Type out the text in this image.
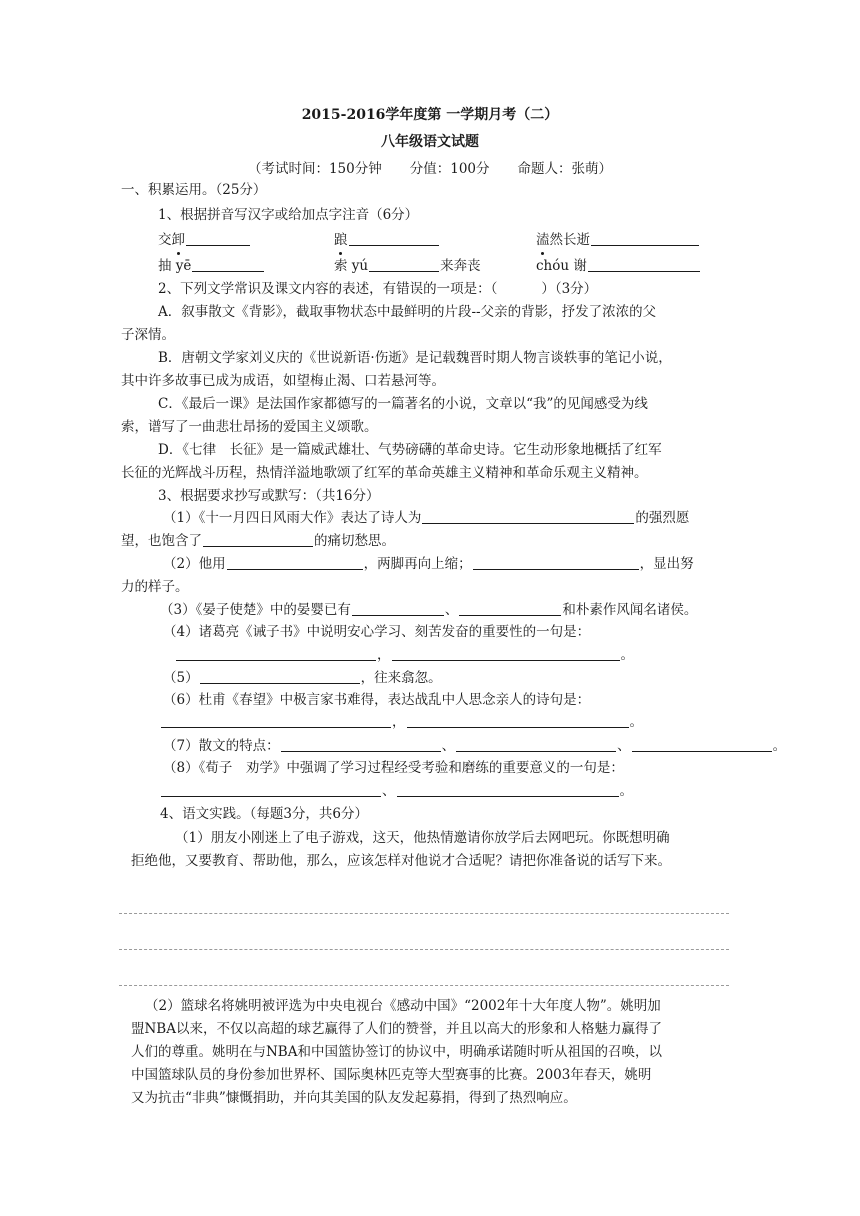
2015-2016学年度第 一学期月考（二）
八年级语文试题
（考试时间：150分钟 分值：100分 命题人：张萌）
一、积累运用。（25分）
1、根据拼音写汉字或给加点字注音（6分）
交卸	踉	溘然长逝
抽 yē	索 yú	来奔丧	chóu 谢
2、下列文学常识及课文内容的表述，有错误的一项是：（	）（3分）
A．叙事散文《背影》，截取事物状态中最鲜明的片段--父亲的背影，抒发了浓浓的父
子深情。
B．唐朝文学家刘义庆的《世说新语·伤逝》是记载魏晋时期人物言谈轶事的笔记小说，
其中许多故事已成为成语，如望梅止渴、口若悬河等。
C．《最后一课》是法国作家都德写的一篇著名的小说，文章以“我”的见闻感受为线
索，谱写了一曲悲壮昂扬的爱国主义颂歌。
D．《七律　长征》是一篇威武雄壮、气势磅礴的革命史诗。它生动形象地概括了红军
长征的光辉战斗历程，热情洋溢地歌颂了红军的革命英雄主义精神和革命乐观主义精神。
3、根据要求抄写或默写：（共16分）
（1）《十一月四日风雨大作》表达了诗人为	的强烈愿
望，也饱含了	的痛切愁思。
（2）他用	，两脚再向上缩；	，显出努
力的样子。
（3）《晏子使楚》中的晏婴已有	、	和朴素作风闻名诸侯。
（4）诸葛亮《诫子书》中说明安心学习、刻苦发奋的重要性的一句是：
，	。
（5）	，往来翕忽。
（6）杜甫《春望》中极言家书难得，表达战乱中人思念亲人的诗句是：
，	。
（7）散文的特点：	、	、	。
（8）《荀子　劝学》中强调了学习过程经受考验和磨练的重要意义的一句是：
、	。
4、语文实践。（每题3分，共6分）
（1）朋友小刚迷上了电子游戏，这天，他热情邀请你放学后去网吧玩。你既想明确
拒绝他，又要教育、帮助他，那么，应该怎样对他说才合适呢？请把你准备说的话写下来。
（2）篮球名将姚明被评选为中央电视台《感动中国》“2002年十大年度人物”。姚明加
盟NBA以来，不仅以高超的球艺赢得了人们的赞誉，并且以高大的形象和人格魅力赢得了
人们的尊重。姚明在与NBA和中国篮协签订的协议中，明确承诺随时听从祖国的召唤，以
中国篮球队员的身份参加世界杯、国际奥林匹克等大型赛事的比赛。2003年春天，姚明
又为抗击“非典”慷慨捐助，并向其美国的队友发起募捐，得到了热烈响应。
